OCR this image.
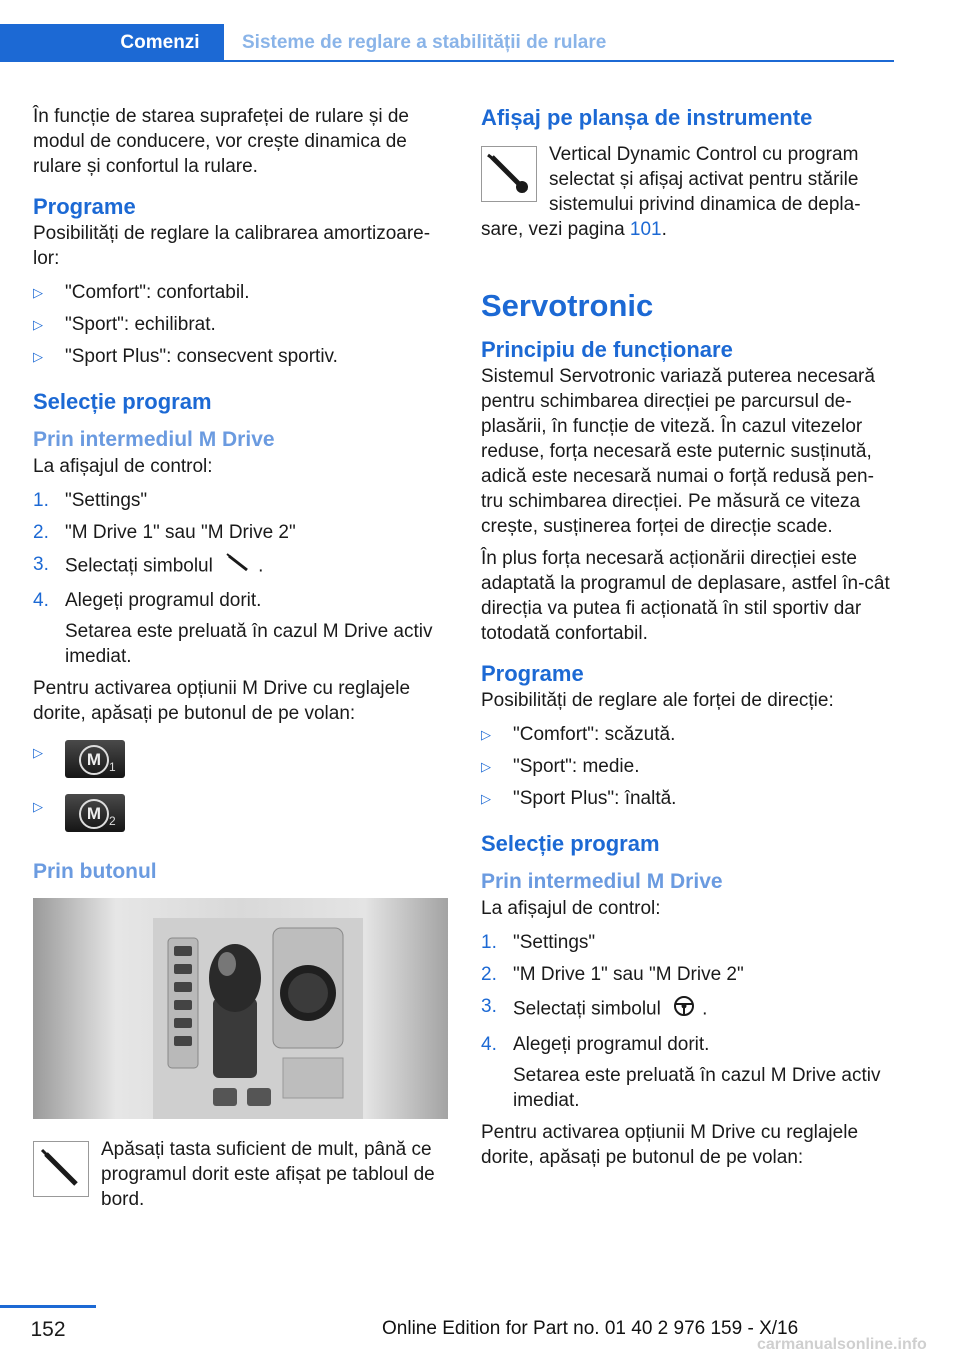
Comenzi	Sisteme de reglare a stabilității de rulare

În funcție de starea suprafeței de rulare și de modul de conducere, vor crește dinamica de rulare și confortul la rulare.

Programe

Posibilități de reglare la calibrarea amortizoare-lor:

▷ "Comfort": confortabil.
▷ "Sport": echilibrat.
▷ "Sport Plus": consecvent sportiv.
Selecție program
Prin intermediul M Drive

La afișajul de control:

1. "Settings"
2. "M Drive 1" sau "M Drive 2"
3. Selectați simbolul .
4. Alegeți programul dorit.
Setarea este preluată în cazul M Drive activ imediat.

Pentru activarea opțiunii M Drive cu reglajele dorite, apăsați pe butonul de pe volan:

▷ M 1
▷ M 2
Prin butonul

Apăsați tasta suficient de mult, până ce programul dorit este afișat pe tabloul de bord.

Afișaj pe planșa de instrumente

Vertical Dynamic Control cu program selectat și afișaj activat pentru stările sistemului privind dinamica de depla-sare, vezi pagina 101.

Servotronic
Principiu de funcționare

Sistemul Servotronic variază puterea necesară pentru schimbarea direcției pe parcursul de-plasării, în funcție de viteză. În cazul vitezelor reduse, forța necesară este puternic susținută, adică este necesară numai o forță redusă pen-tru schimbarea direcției. Pe măsură ce viteza crește, susținerea forței de direcție scade.

În plus forța necesară acționării direcției este adaptată la programul de deplasare, astfel în-cât direcția va putea fi acționată în stil sportiv dar totodată confortabil.

Programe

Posibilități de reglare ale forței de direcție:

▷ "Comfort": scăzută.
▷ "Sport": medie.
▷ "Sport Plus": înaltă.
Selecție program
Prin intermediul M Drive

La afișajul de control:

1. "Settings"
2. "M Drive 1" sau "M Drive 2"
3. Selectați simbolul .
4. Alegeți programul dorit.
Setarea este preluată în cazul M Drive activ imediat.

Pentru activarea opțiunii M Drive cu reglajele dorite, apăsați pe butonul de pe volan:

152	Online Edition for Part no. 01 40 2 976 159 - X/16
carmanualsonline.info
